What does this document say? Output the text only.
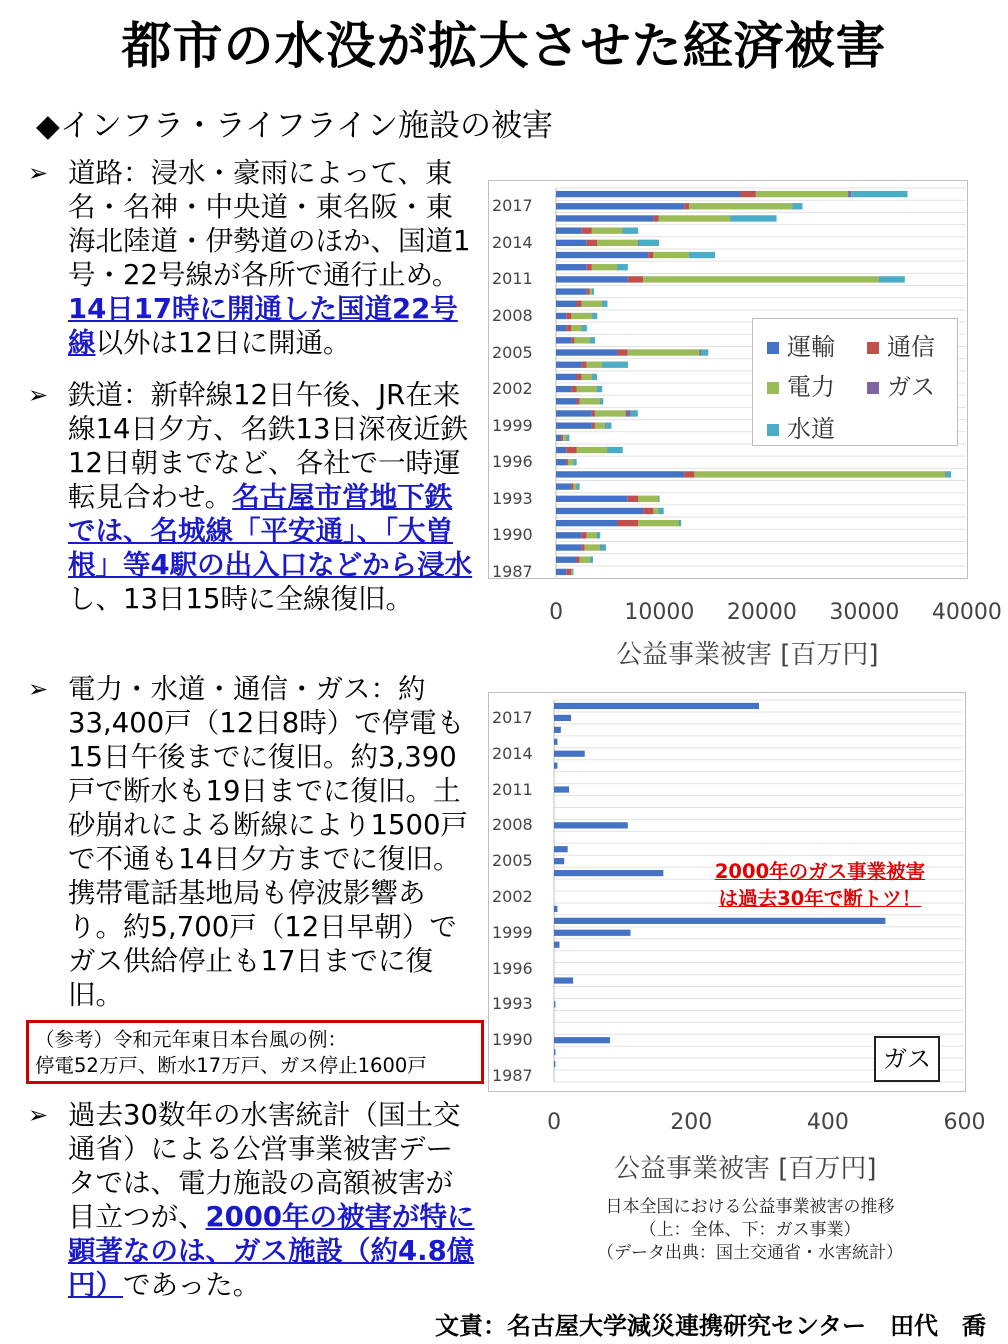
都市の水没が拡大させた経済被害
◆インフラ・ライフライン施設の被害
➢ 道路：浸水・豪雨によって、東名・名神・中央道・東名阪・東海北陸道・伊勢道のほか、国道1号・22号線が各所で通行止め。14日17時に開通した国道22号線以外は12日に開通。
➢ 鉄道：新幹線12日午後、JR在来線14日夕方、名鉄13日深夜近鉄12日朝までなど、各社で一時運転見合わせ。名古屋市営地下鉄では、名城線「平安通」、「大曽根」等4駅の出入口などから浸水し、13日15時に全線復旧。
➢ 電力・水道・通信・ガス：約33,400戸（12日8時）で停電も15日午後までに復旧。約3,390戸で断水も19日までに復旧。土砂崩れによる断線により1500戸で不通も14日夕方までに復旧。携帯電話基地局も停波影響あり。約5,700戸（12日早朝）でガス供給停止も17日までに復旧。
（参考）令和元年東日本台風の例：
停電52万戸、断水17万戸、ガス停止1600戸
➢ 過去30数年の水害統計（国土交通省）による公営事業被害データでは、電力施設の高額被害が目立つが、2000年の被害が特に顕著なのは、ガス施設（約4.8億円）であった。
2017
2014
2011
2008
2005
2002
1999
1996
1993
1990
1987
0	10000 20000 30000 40000
公益事業被害 [百万円]
運輸	通信
電力	ガス
水道
2017
2014
2011
2008
2005
2002
1999
1996
1993
1990
1987
0	200	400	600
公益事業被害 [百万円]
ガス
2000年のガス事業被害
は過去30年で断トツ！
日本全国における公益事業被害の推移
（上：全体、下：ガス事業）
（データ出典：国土交通省・水害統計）
文責：名古屋大学減災連携研究センター　田代　喬
